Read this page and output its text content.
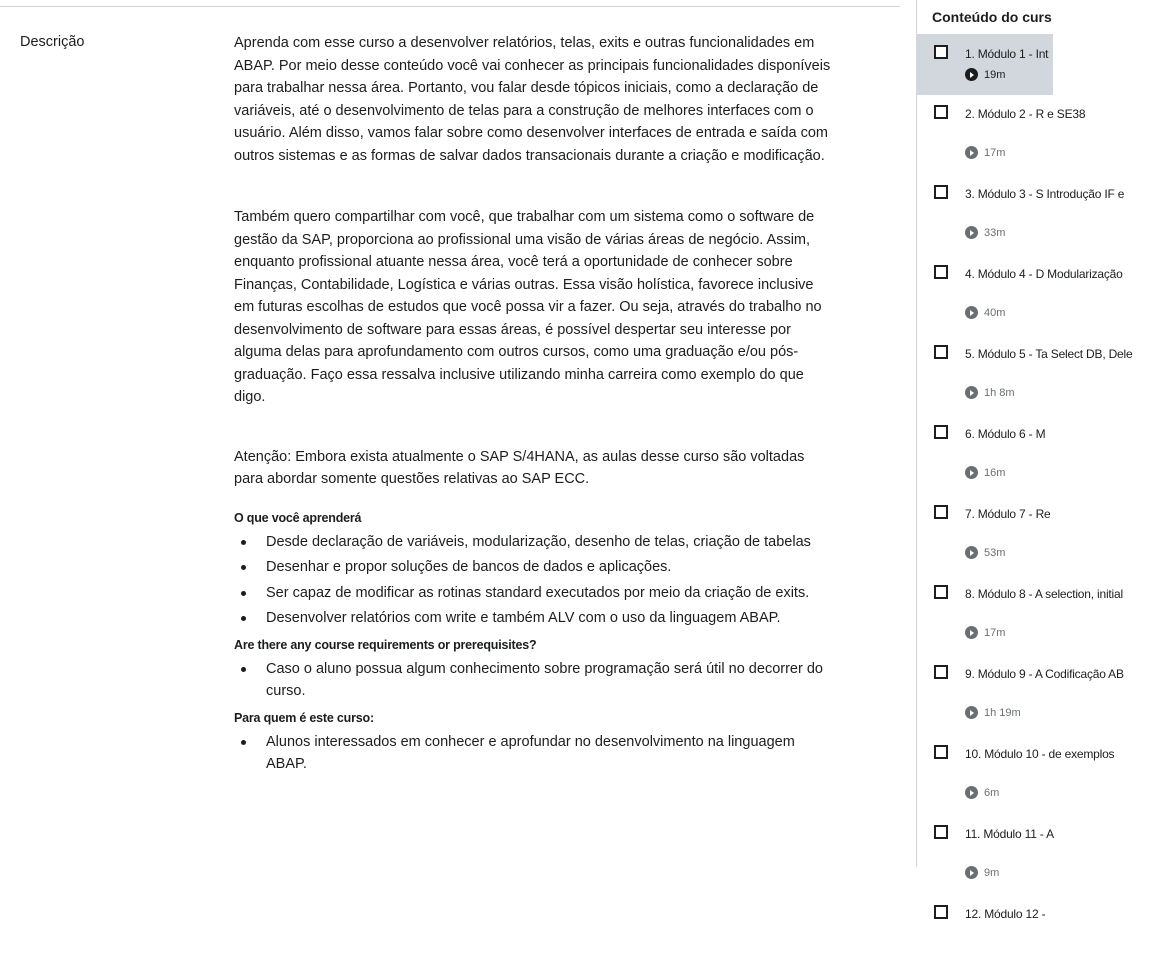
Descrição	Aprenda com esse curso a desenvolver relatórios, telas, exits e outras funcionalidades em ABAP. Por meio desse conteúdo você vai conhecer as principais funcionalidades disponíveis para trabalhar nessa área. Portanto, vou falar desde tópicos iniciais, como a declaração de variáveis, até o desenvolvimento de telas para a construção de melhores interfaces com o usuário. Além disso, vamos falar sobre como desenvolver interfaces de entrada e saída com outros sistemas e as formas de salvar dados transacionais durante a criação e modificação.

Também quero compartilhar com você, que trabalhar com um sistema como o software de gestão da SAP, proporciona ao profissional uma visão de várias áreas de negócio. Assim, enquanto profissional atuante nessa área, você terá a oportunidade de conhecer sobre Finanças, Contabilidade, Logística e várias outras. Essa visão holística, favorece inclusive em futuras escolhas de estudos que você possa vir a fazer. Ou seja, através do trabalho no desenvolvimento de software para essas áreas, é possível despertar seu interesse por alguma delas para aprofundamento com outros cursos, como uma graduação e/ou pós-graduação. Faço essa ressalva inclusive utilizando minha carreira como exemplo do que digo.

Atenção: Embora exista atualmente o SAP S/4HANA, as aulas desse curso são voltadas para abordar somente questões relativas ao SAP ECC.

O que você aprenderá
Desde declaração de variáveis, modularização, desenho de telas, criação de tabelas
Desenhar e propor soluções de bancos de dados e aplicações.
Ser capaz de modificar as rotinas standard executados por meio da criação de exits.
Desenvolver relatórios com write e também ALV com o uso da linguagem ABAP.
Are there any course requirements or prerequisites?
Caso o aluno possua algum conhecimento sobre programação será útil no decorrer do curso.
Para quem é este curso:
Alunos interessados em conhecer e aprofundar no desenvolvimento na linguagem ABAP.
Conteúdo do curs
1. Módulo 1 - Int
19m
2. Módulo 2 - R e SE38
17m
3. Módulo 3 - S Introdução IF e
33m
4. Módulo 4 - D Modularização
40m
5. Módulo 5 - Ta Select DB, Dele
1h 8m
6. Módulo 6 - M
16m
7. Módulo 7 - Re
53m
8. Módulo 8 - A selection, initial
17m
9. Módulo 9 - A Codificação AB
1h 19m
10. Módulo 10 - de exemplos
6m
11. Módulo 11 - A
9m
12. Módulo 12 -
